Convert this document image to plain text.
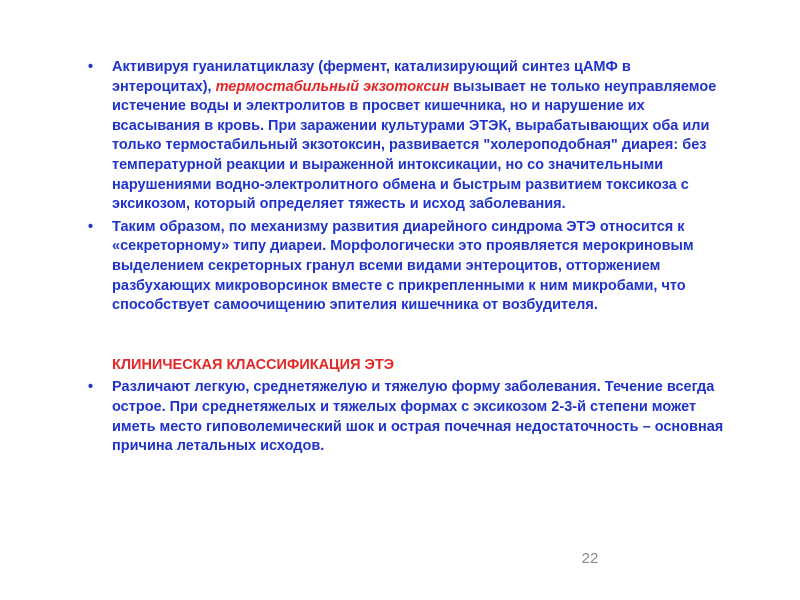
• Активируя гуанилатциклазу (фермент, катализирующий синтез цАМФ в энтероцитах), термостабильный экзотоксин вызывает не только неуправляемое истечение воды и электролитов в просвет кишечника, но и нарушение их всасывания в кровь. При заражении культурами ЭТЭК, вырабатывающих оба или только термостабильный экзотоксин, развивается "холероподобная" диарея: без температурной реакции и выраженной интоксикации, но со значительными нарушениями водно-электролитного обмена и быстрым развитием токсикоза с эксикозом, который определяет тяжесть и исход заболевания.

• Таким образом, по механизму развития диарейного синдрома ЭТЭ относится к «секреторному» типу диареи. Морфологически это проявляется мерокриновым выделением секреторных гранул всеми видами энтероцитов, отторжением разбухающих микроворсинок вместе с прикрепленными к ним микробами, что способствует самоочищению эпителия кишечника от возбудителя.

КЛИНИЧЕСКАЯ КЛАССИФИКАЦИЯ ЭТЭ

• Различают легкую, среднетяжелую и тяжелую форму заболевания. Течение всегда острое. При среднетяжелых и тяжелых формах с эксикозом 2-3-й степени может иметь место гиповолемический шок и острая почечная недостаточность – основная причина летальных исходов.

22
